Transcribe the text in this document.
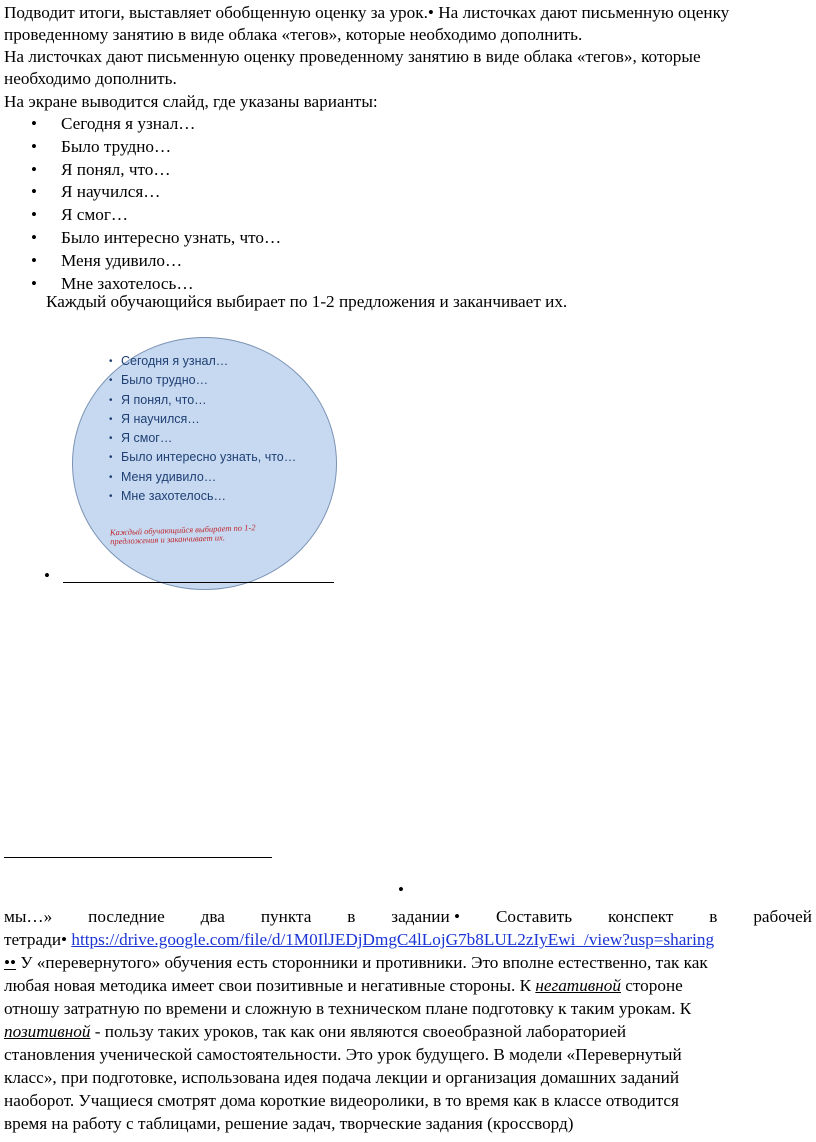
Подводит итоги, выставляет обобщенную оценку за урок.• На листочках дают письменную оценку
проведенному занятию в виде облака «тегов», которые необходимо дополнить.
На листочках дают письменную оценку проведенному занятию в виде облака «тегов», которые
необходимо дополнить.
На экране выводится слайд, где указаны варианты:
• Сегодня я узнал…
• Было трудно…
• Я понял, что…
• Я научился…
• Я смог…
• Было интересно узнать, что…
• Меня удивило…
• Мне захотелось…
Каждый обучающийся выбирает по 1-2 предложения и заканчивает их.
• Сегодня я узнал…
• Было трудно…
• Я понял, что…
• Я научился…
• Я смог…
• Было интересно узнать, что…
• Меня удивило…
• Мне захотелось…
Каждый обучающийся выбирает по 1-2 предложения и заканчивает их.
•
•
мы…» последние два пункта в задании • Составить конспект в рабочей
тетради• https://drive.google.com/file/d/1M0IlJEDjDmgC4lLojG7b8LUL2zIyEwi_/view?usp=sharing
•• У «перевернутого» обучения есть сторонники и противники. Это вполне естественно, так как
любая новая методика имеет свои позитивные и негативные стороны. К негативной стороне
отношу затратную по времени и сложную в техническом плане подготовку к таким урокам. К
позитивной - пользу таких уроков, так как они являются своеобразной лабораторией
становления ученической самостоятельности. Это урок будущего. В модели «Перевернутый
класс», при подготовке, использована идея подача лекции и организация домашних заданий
наоборот. Учащиеся смотрят дома короткие видеоролики, в то время как в классе отводится
время на работу с таблицами, решение задач, творческие задания (кроссворд)
